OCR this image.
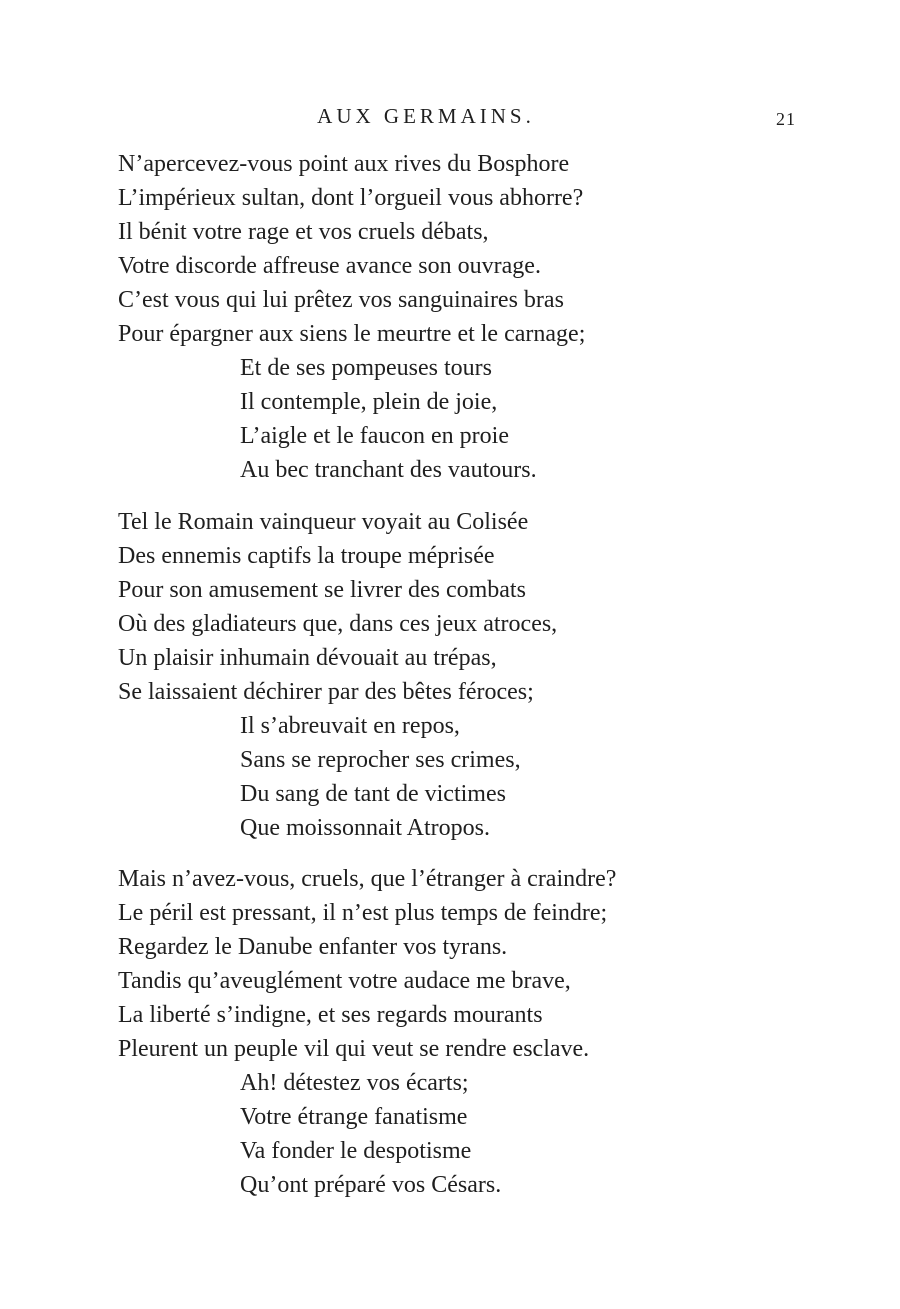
AUX GERMAINS.	21
N’apercevez-vous point aux rives du Bosphore
L’impérieux sultan, dont l’orgueil vous abhorre?
Il bénit votre rage et vos cruels débats,
Votre discorde affreuse avance son ouvrage.
C’est vous qui lui prêtez vos sanguinaires bras
Pour épargner aux siens le meurtre et le carnage;
Et de ses pompeuses tours
Il contemple, plein de joie,
L’aigle et le faucon en proie
Au bec tranchant des vautours.
Tel le Romain vainqueur voyait au Colisée
Des ennemis captifs la troupe méprisée
Pour son amusement se livrer des combats
Où des gladiateurs que, dans ces jeux atroces,
Un plaisir inhumain dévouait au trépas,
Se laissaient déchirer par des bêtes féroces;
Il s’abreuvait en repos,
Sans se reprocher ses crimes,
Du sang de tant de victimes
Que moissonnait Atropos.
Mais n’avez-vous, cruels, que l’étranger à craindre?
Le péril est pressant, il n’est plus temps de feindre;
Regardez le Danube enfanter vos tyrans.
Tandis qu’aveuglément votre audace me brave,
La liberté s’indigne, et ses regards mourants
Pleurent un peuple vil qui veut se rendre esclave.
Ah! détestez vos écarts;
Votre étrange fanatisme
Va fonder le despotisme
Qu’ont préparé vos Césars.
